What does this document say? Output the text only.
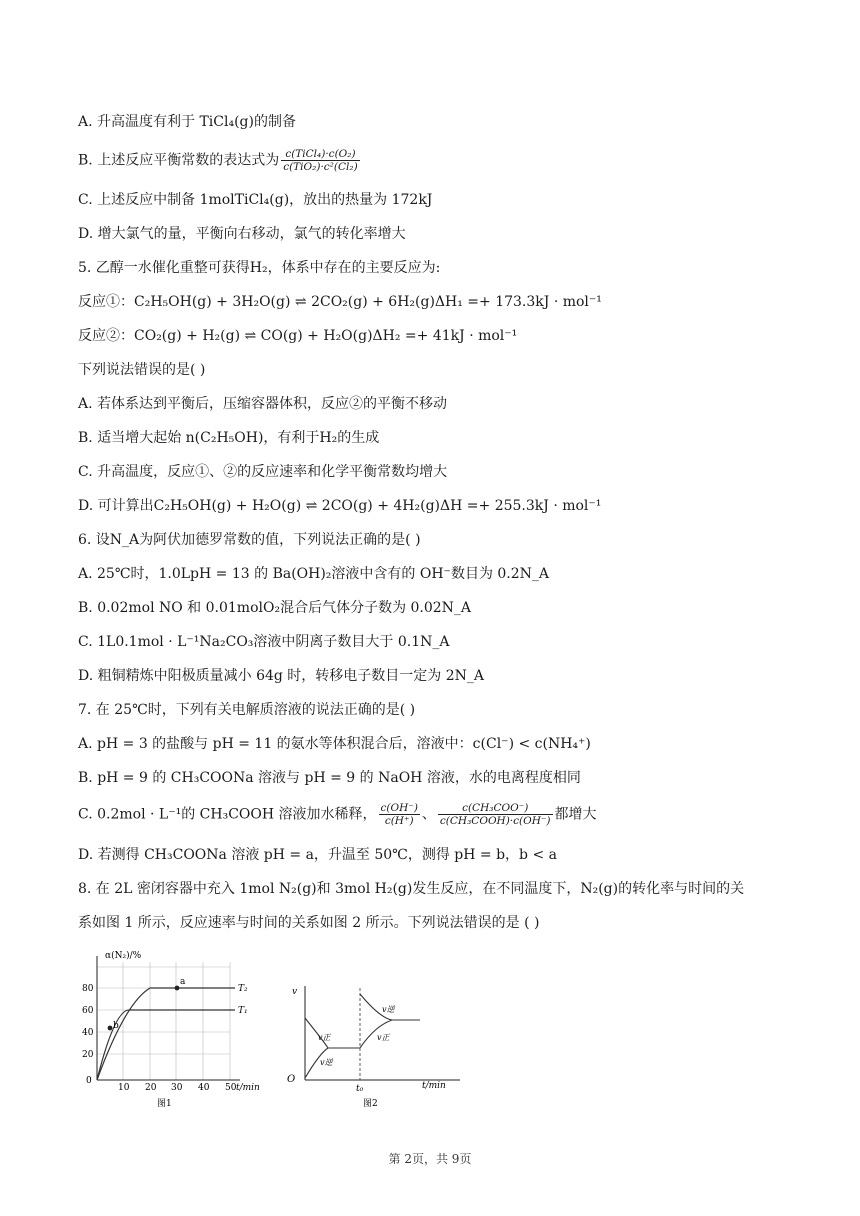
A. 升高温度有利于 TiCl₄(g)的制备
B. 上述反应平衡常数的表达式为 $\frac{\text{c(TiCl₄)·c(O₂)}}{\text{c(TiO₂)·c²(Cl₂)}}$
C. 上述反应中制备 1molTiCl₄(g)，放出的热量为 172kJ
D. 增大氯气的量，平衡向右移动，氯气的转化率增大
5. 乙醇一水催化重整可获得H₂，体系中存在的主要反应为:
反应①：C₂H₅OH(g) + 3H₂O(g) ⇌ 2CO₂(g) + 6H₂(g)ΔH₁ =+ 173.3kJ · mol⁻¹
反应②：CO₂(g) + H₂(g) ⇌ CO(g) + H₂O(g)ΔH₂ =+ 41kJ · mol⁻¹
下列说法错误的是( )
A. 若体系达到平衡后，压缩容器体积，反应②的平衡不移动
B. 适当增大起始 n(C₂H₅OH)，有利于H₂的生成
C. 升高温度，反应①、②的反应速率和化学平衡常数均增大
D. 可计算出C₂H₅OH(g) + H₂O(g) ⇌ 2CO(g) + 4H₂(g)ΔH =+ 255.3kJ · mol⁻¹
6. 设N_A为阿伏加德罗常数的值，下列说法正确的是( )
A. 25℃时，1.0LpH = 13 的 Ba(OH)₂溶液中含有的 OH⁻数目为 0.2N_A
B. 0.02mol NO 和 0.01molO₂混合后气体分子数为 0.02N_A
C. 1L0.1mol · L⁻¹Na₂CO₃溶液中阴离子数目大于 0.1N_A
D. 粗铜精炼中阳极质量减小 64g 时，转移电子数目一定为 2N_A
7. 在 25℃时，下列有关电解质溶液的说法正确的是( )
A. pH = 3 的盐酸与 pH = 11 的氨水等体积混合后，溶液中：c(Cl⁻) < c(NH₄⁺)
B. pH = 9 的 CH₃COONa 溶液与 pH = 9 的 NaOH 溶液，水的电离程度相同
C. 0.2mol · L⁻¹的 CH₃COOH 溶液加水稀释， $\frac{c(OH^-)}{c(H^+)}$ 、 $\frac{\text{c(CH₃COO⁻)}}{\text{c(CH₃COOH)·c(OH⁻)}}$ 都增大
D. 若测得 CH₃COONa 溶液 pH = a，升温至 50℃，测得 pH = b，b < a
8. 在 2L 密闭容器中充入 1mol N₂(g)和 3mol H₂(g)发生反应，在不同温度下，N₂(g)的转化率与时间的关
系如图 1 所示，反应速率与时间的关系如图 2 所示。下列说法错误的是 ( )
α(N₂)/%
t/min
0
20
40
60
80
10 20 30 40 50
a
b
T₂
T₁
图1
v
O
t/min
t₀
v正
v逆
v逆
v正
图2
第 2页，共 9页
